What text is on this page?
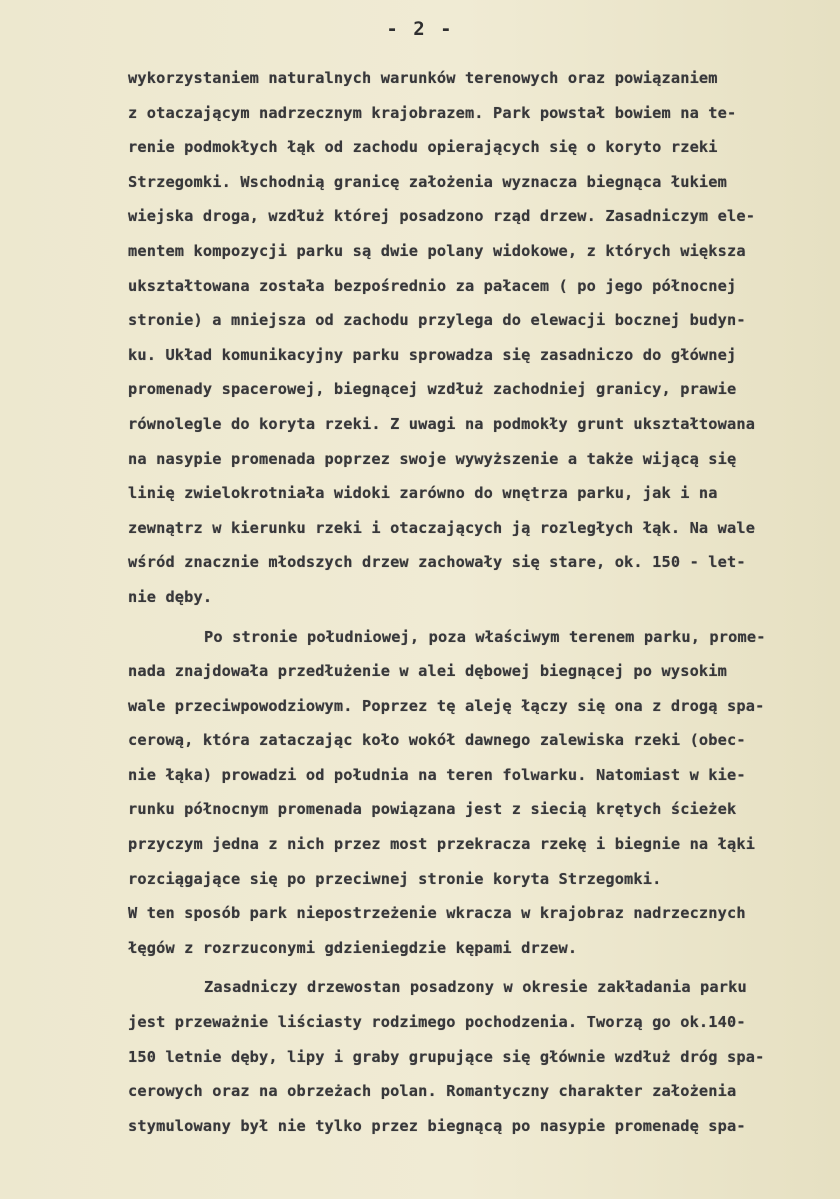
- 2 -
wykorzystaniem naturalnych warunków terenowych oraz powiązaniem
z otaczającym nadrzecznym krajobrazem. Park powstał bowiem na te-
renie podmokłych łąk od zachodu opierających się o koryto rzeki
Strzegomki. Wschodnią granicę założenia wyznacza biegnąca łukiem
wiejska droga, wzdłuż której posadzono rząd drzew. Zasadniczym ele-
mentem kompozycji parku są dwie polany widokowe, z których większa
ukształtowana została bezpośrednio za pałacem ( po jego północnej
stronie) a mniejsza od zachodu przylega do elewacji bocznej budyn-
ku. Układ komunikacyjny parku sprowadza się zasadniczo do głównej
promenady spacerowej, biegnącej wzdłuż zachodniej granicy, prawie
równolegle do koryta rzeki. Z uwagi na podmokły grunt ukształtowana
na nasypie promenada poprzez swoje wywyższenie a także wijącą się
linię zwielokrotniała widoki zarówno do wnętrza parku, jak i na
zewnątrz w kierunku rzeki i otaczających ją rozległych łąk. Na wale
wśród znacznie młodszych drzew zachowały się stare, ok. 150 - let-
nie dęby.
Po stronie południowej, poza właściwym terenem parku, prome-
nada znajdowała przedłużenie w alei dębowej biegnącej po wysokim
wale przeciwpowodziowym. Poprzez tę aleję łączy się ona z drogą spa-
cerową, która zataczając koło wokół dawnego zalewiska rzeki (obec-
nie łąka) prowadzi od południa na teren folwarku. Natomiast w kie-
runku północnym promenada powiązana jest z siecią krętych ścieżek
przyczym jedna z nich przez most przekracza rzekę i biegnie na łąki
rozciągające się po przeciwnej stronie koryta Strzegomki.
W ten sposób park niepostrzeżenie wkracza w krajobraz nadrzecznych
łęgów z rozrzuconymi gdzieniegdzie kępami drzew.
Zasadniczy drzewostan posadzony w okresie zakładania parku
jest przeważnie liściasty rodzimego pochodzenia. Tworzą go ok.140-
150 letnie dęby, lipy i graby grupujące się głównie wzdłuż dróg spa-
cerowych oraz na obrzeżach polan. Romantyczny charakter założenia
stymulowany był nie tylko przez biegnącą po nasypie promenadę spa-
